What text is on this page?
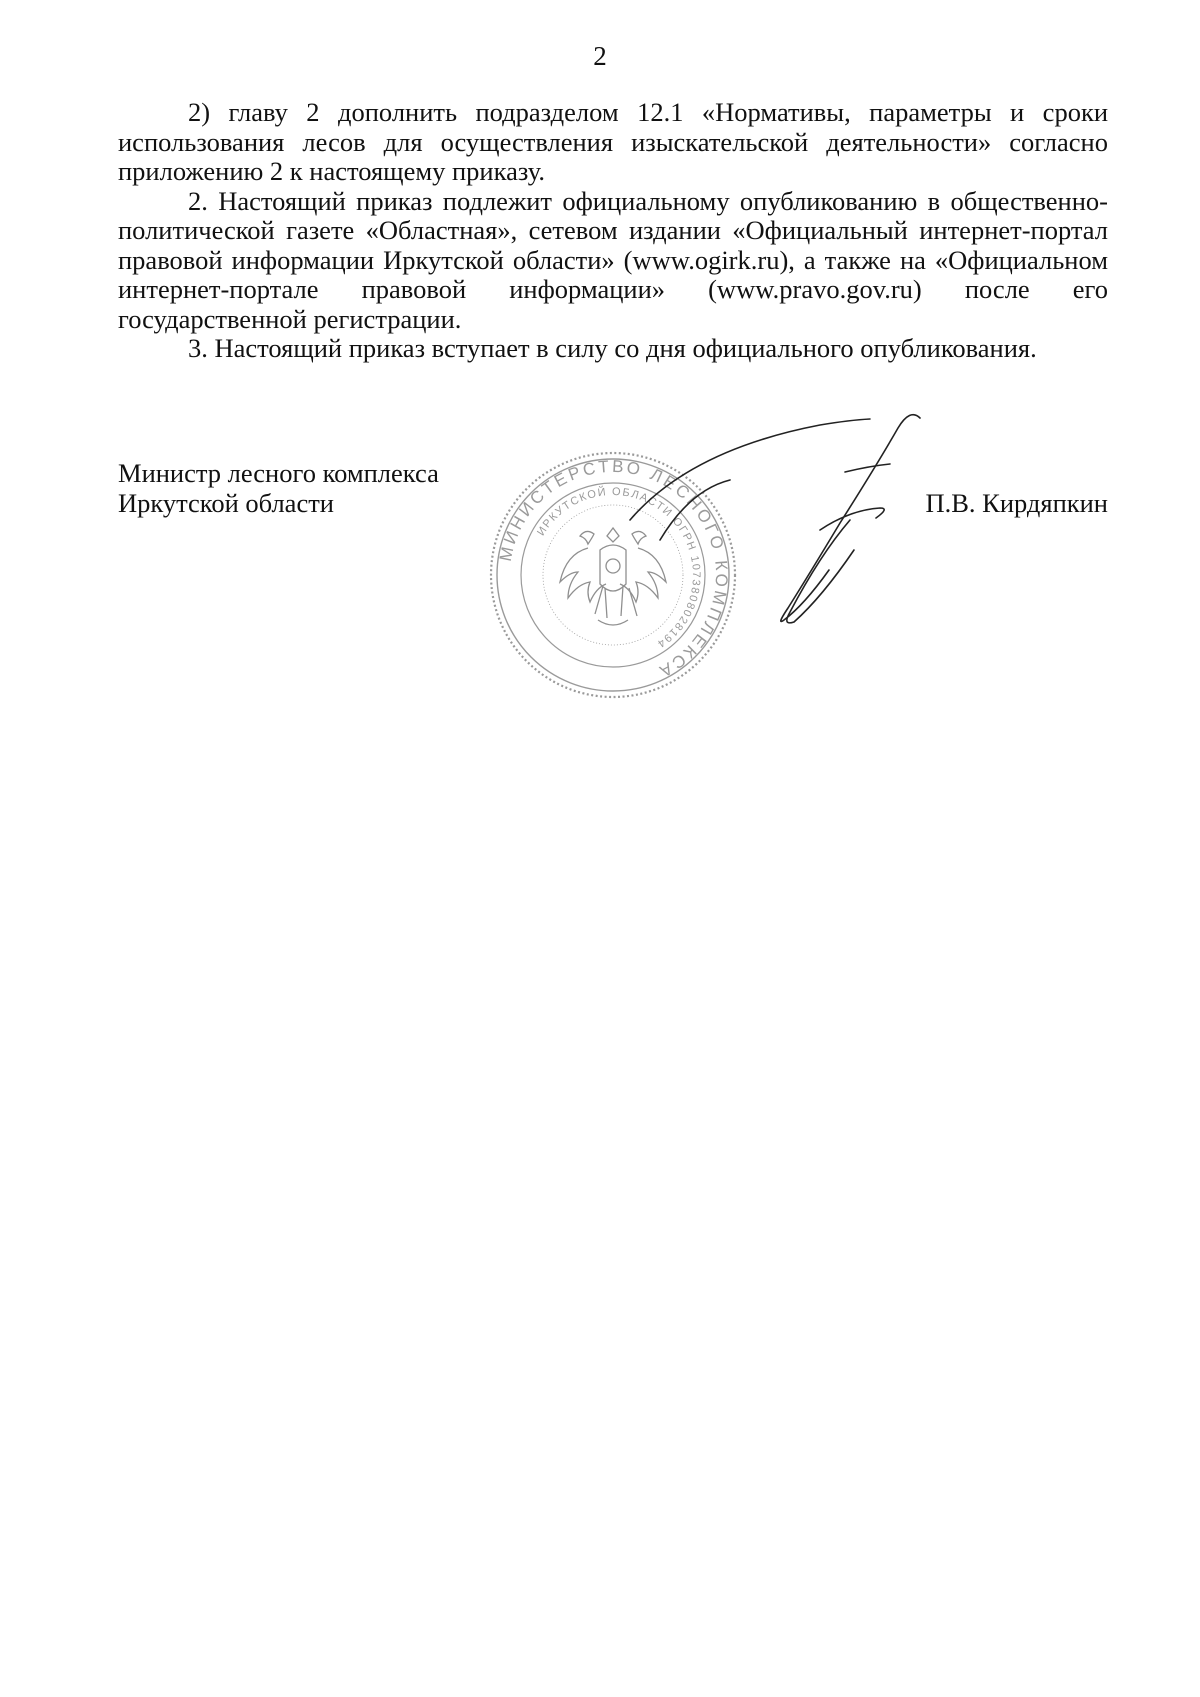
2

2) главу 2 дополнить подразделом 12.1 «Нормативы, параметры и сроки использования лесов для осуществления изыскательской деятельности» согласно приложению 2 к настоящему приказу.

2. Настоящий приказ подлежит официальному опубликованию в общественно-политической газете «Областная», сетевом издании «Официальный интернет-портал правовой информации Иркутской области» (www.ogirk.ru), а также на «Официальном интернет-портале правовой информации» (www.pravo.gov.ru) после его государственной регистрации.

3. Настоящий приказ вступает в силу со дня официального опубликования.

Министр лесного комплекса
Иркутской области	П.В. Кирдяпкин
МИНИСТЕРСТВО ЛЕСНОГО КОМПЛЕКСА
ИРКУТСКОЙ ОБЛАСТИ ОГРН 1073808028194
